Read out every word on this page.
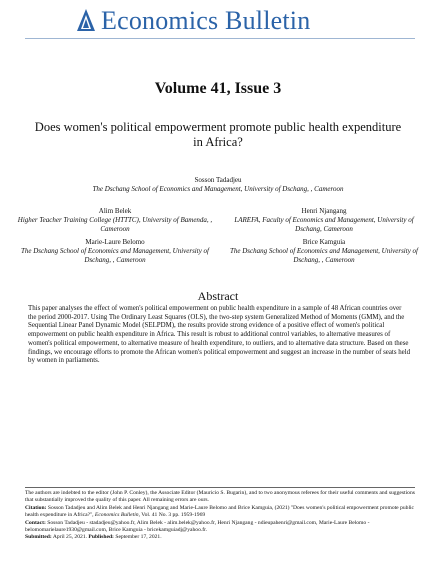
Economics Bulletin
Volume 41, Issue 3
Does women's political empowerment promote public health expenditure in Africa?
Sosson Tadadjeu
The Dschang School of Economics and Management, University of Dschang, , Cameroon
Alim Belek
Higher Teacher Training College (HTTTC), University of Bamenda, , Cameroon
Henri Njangang
LAREFA, Faculty of Economics and Management, University of Dschang, Cameroon
Marie-Laure Belomo
The Dschang School of Economics and Management, University of Dschang, , Cameroon
Brice Kamguia
The Dschang School of Economics and Management, University of Dschang, , Cameroon
Abstract
This paper analyses the effect of women's political empowerment on public health expenditure in a sample of 48 African countries over the period 2000-2017. Using The Ordinary Least Squares (OLS), the two-step system Generalized Method of Moments (GMM), and the Sequential Linear Panel Dynamic Model (SELPDM), the results provide strong evidence of a positive effect of women's political empowerment on public health expenditure in Africa. This result is robust to additional control variables, to alternative measures of women's political empowerment, to alternative measure of health expenditure, to outliers, and to alternative data structure. Based on these findings, we encourage efforts to promote the African women's political empowerment and suggest an increase in the number of seats held by women in parliaments.

The authors are indebted to the editor (John P. Conley), the Associate Editor (Mauricio S. Bugarin), and to two anonymous referees for their useful comments and suggestions that substantially improved the quality of this paper. All remaining errors are ours.

Citation: Sosson Tadadjeu and Alim Belek and Henri Njangang and Marie-Laure Belomo and Brice Kamguia, (2021) ''Does women's political empowerment promote public health expenditure in Africa?'', Economics Bulletin, Vol. 41 No. 3 pp. 1959-1969

Contact: Sosson Tadadjeu - stadadjeu@yahoo.fr, Alim Belek - alim.belek@yahoo.fr, Henri Njangang - ndieupahenri@gmail.com, Marie-Laure Belomo - belomomarielaure1930@gmail.com, Brice Kamguia - bricekamguiadj@yahoo.fr.

Submitted: April 25, 2021. Published: September 17, 2021.
